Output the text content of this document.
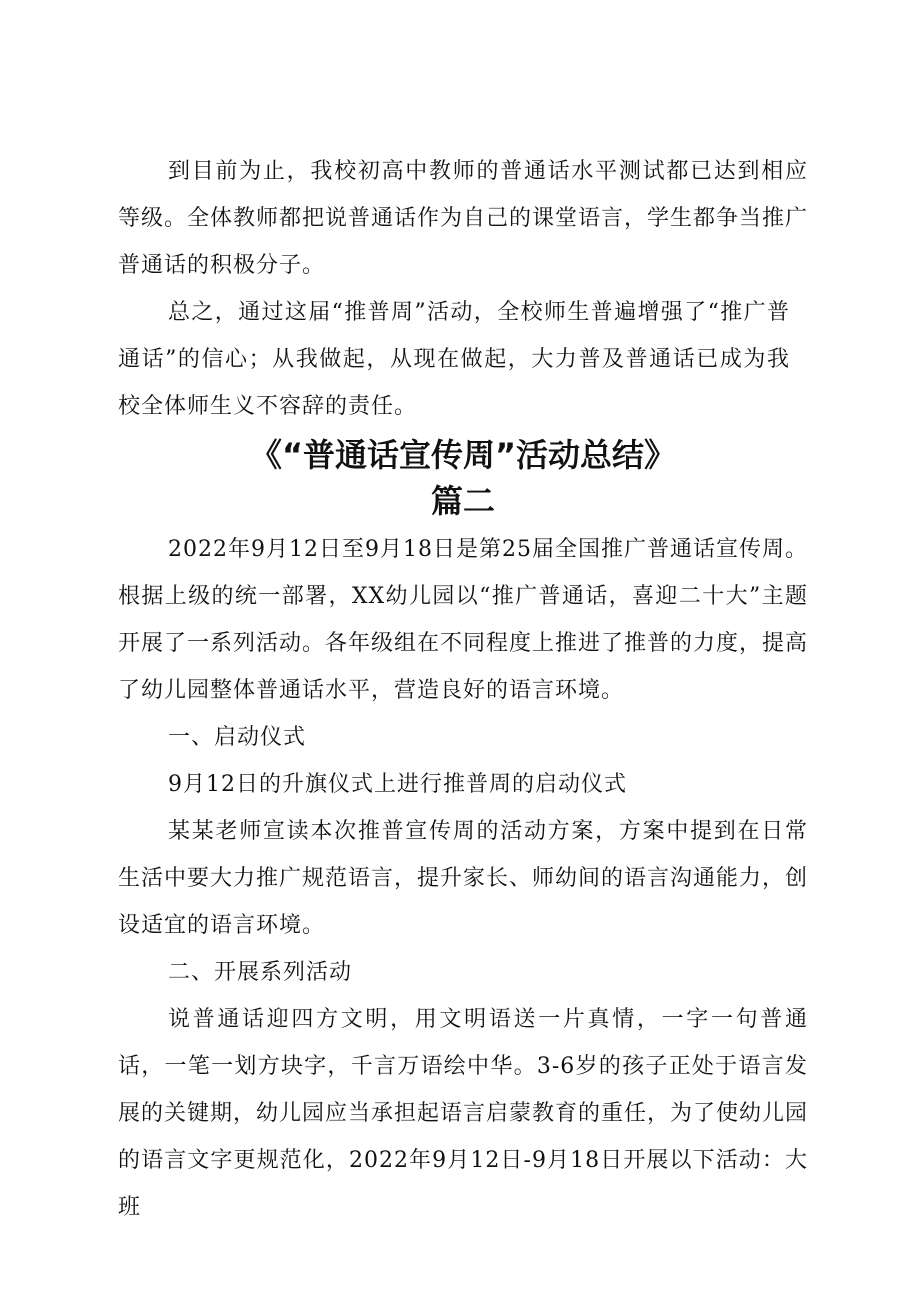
到目前为止，我校初高中教师的普通话水平测试都已达到相应等级。全体教师都把说普通话作为自己的课堂语言，学生都争当推广普通话的积极分子。

总之，通过这届“推普周”活动，全校师生普遍增强了“推广普通话”的信心；从我做起，从现在做起，大力普及普通话已成为我校全体师生义不容辞的责任。

《“普通话宣传周”活动总结》
篇二

2022年9月12日至9月18日是第25届全国推广普通话宣传周。根据上级的统一部署，XX幼儿园以“推广普通话，喜迎二十大”主题开展了一系列活动。各年级组在不同程度上推进了推普的力度，提高了幼儿园整体普通话水平，营造良好的语言环境。

一、启动仪式

9月12日的升旗仪式上进行推普周的启动仪式

某某老师宣读本次推普宣传周的活动方案，方案中提到在日常生活中要大力推广规范语言，提升家长、师幼间的语言沟通能力，创设适宜的语言环境。

二、开展系列活动

说普通话迎四方文明，用文明语送一片真情，一字一句普通话，一笔一划方块字，千言万语绘中华。3-6岁的孩子正处于语言发展的关键期，幼儿园应当承担起语言启蒙教育的重任，为了使幼儿园的语言文字更规范化，2022年9月12日-9月18日开展以下活动：大班
